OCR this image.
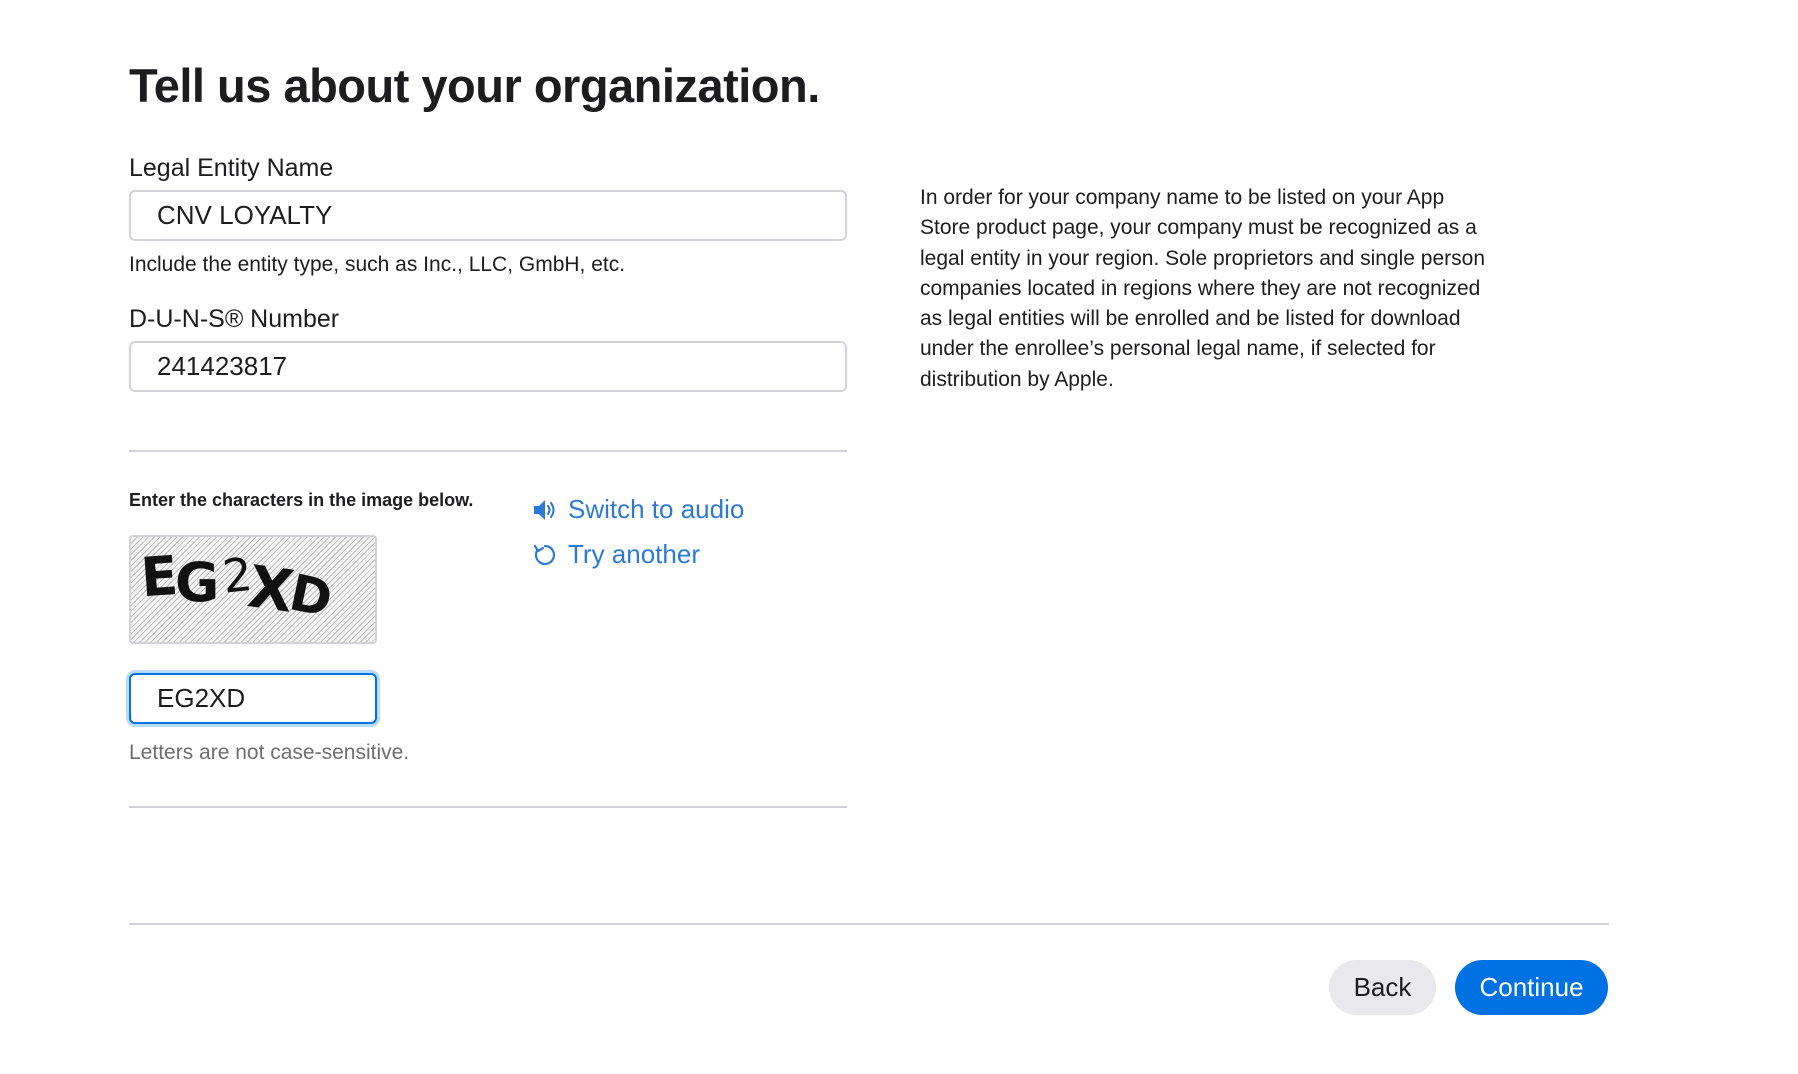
Tell us about your organization.
Legal Entity Name
CNV LOYALTY
Include the entity type, such as Inc., LLC, GmbH, etc.
D-U-N-S® Number
241423817
Enter the characters in the image below.
E
G 2
X
D
Switch to audio
Try another
EG2XD
Letters are not case-sensitive.
In order for your company name to be listed on your App Store product page, your company must be recognized as a legal entity in your region. Sole proprietors and single person companies located in regions where they are not recognized as legal entities will be enrolled and be listed for download under the enrollee’s personal legal name, if selected for distribution by Apple.
Back	Continue
